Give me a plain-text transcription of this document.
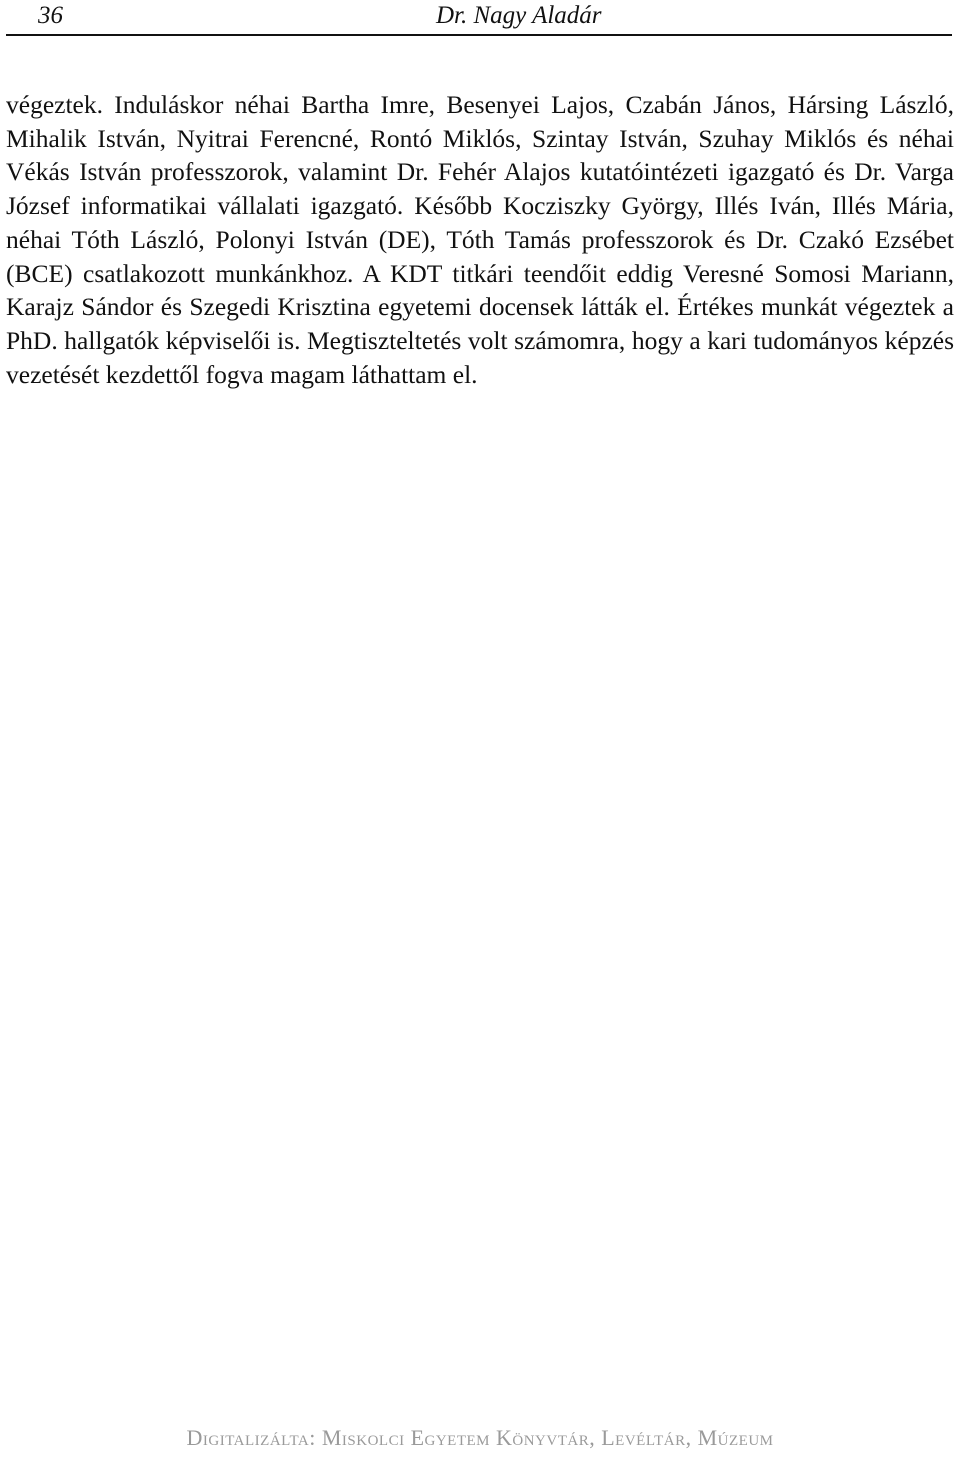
36	Dr. Nagy Aladár

végeztek. Induláskor néhai Bartha Imre, Besenyei Lajos, Czabán János, Hársing László, Mihalik István, Nyitrai Ferencné, Rontó Miklós, Szintay István, Szuhay Miklós és néhai Vékás István professzorok, valamint Dr. Fehér Alajos kutatóintézeti igazgató és Dr. Varga József informatikai vállalati igazgató. Később Kocziszky György, Illés Iván, Illés Mária, néhai Tóth László, Polonyi István (DE), Tóth Tamás professzorok és Dr. Czakó Ezsébet (BCE) csatlakozott munkánkhoz. A KDT titkári teendőit eddig Veresné Somosi Mariann, Karajz Sándor és Szegedi Krisztina egyetemi docensek látták el. Értékes munkát végeztek a PhD. hallgatók képviselői is. Megtiszteltetés volt számomra, hogy a kari tudományos képzés vezetését kezdettől fogva magam láthattam el.

Digitalizálta: Miskolci Egyetem Könyvtár, Levéltár, Múzeum
